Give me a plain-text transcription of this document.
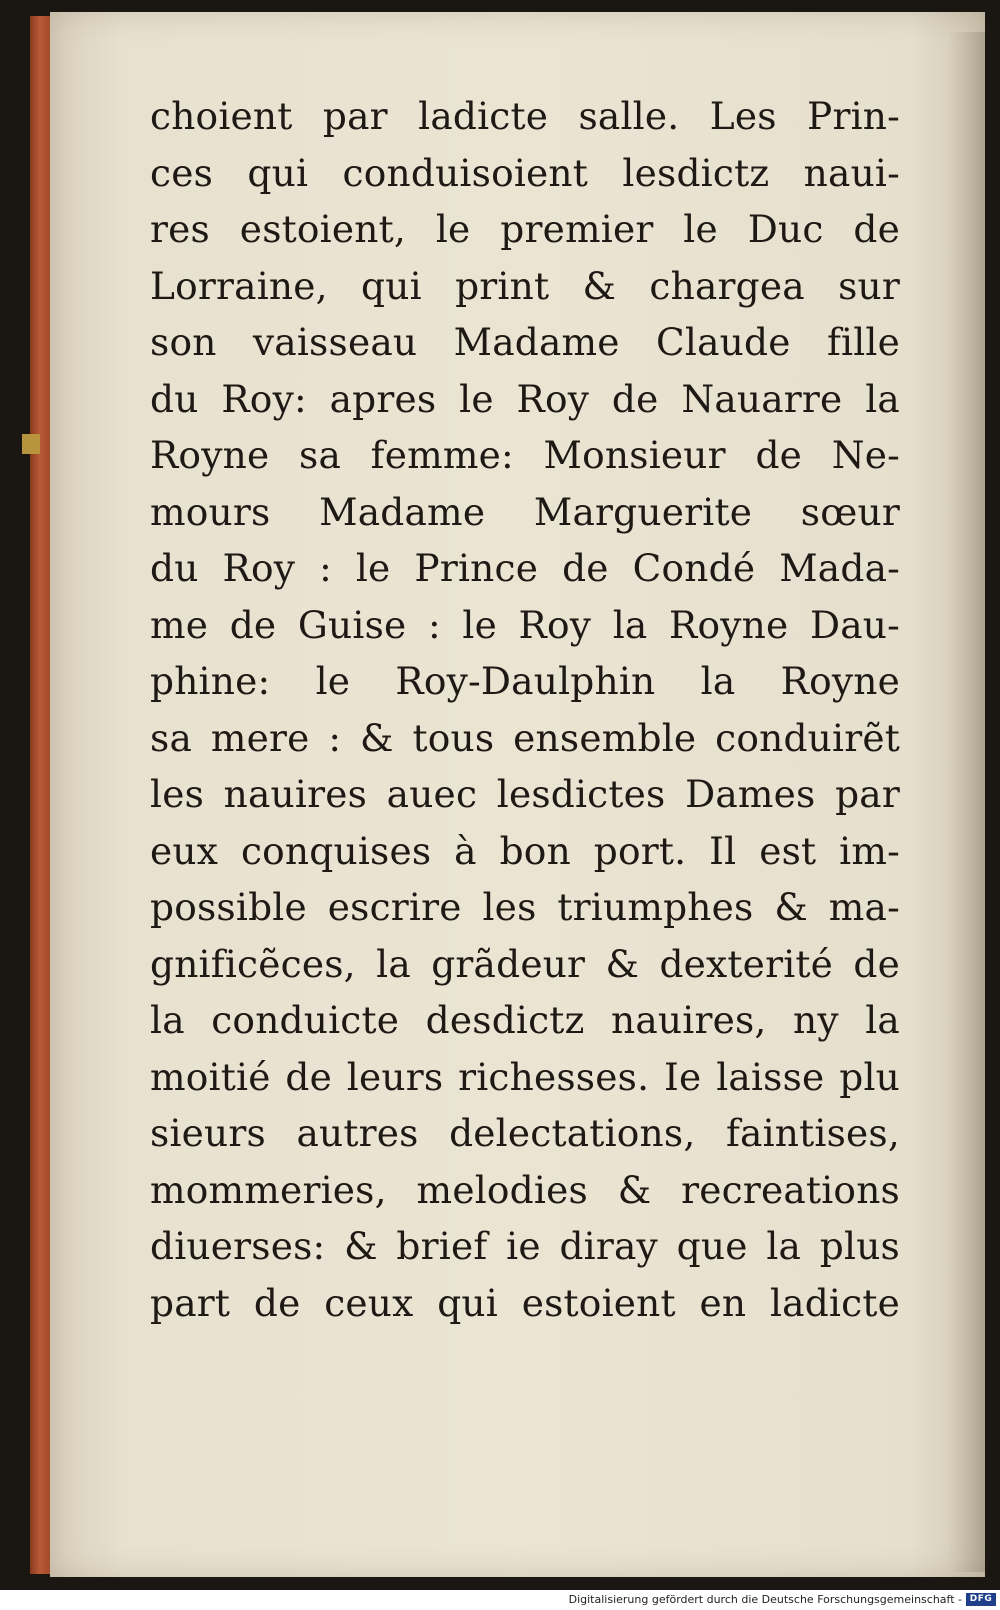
choient par ladicte salle. Les Prin-
ces qui conduisoient lesdictz naui-
res estoient, le premier le Duc de
Lorraine, qui print & chargea sur
son vaisseau Madame Claude fille
du Roy: apres le Roy de Nauarre la
Royne sa femme: Monsieur de Ne-
mours Madame Marguerite sœur
du Roy : le Prince de Condé Mada-
me de Guise : le Roy la Royne Dau-
phine: le Roy-Daulphin la Royne
sa mere : & tous ensemble conduirẽt
les nauires auec lesdictes Dames par
eux conquises à bon port. Il est im-
possible escrire les triumphes & ma-
gnificẽces, la grãdeur & dexterité de
la conduicte desdictz nauires, ny la
moitié de leurs richesses. Ie laisse plu
sieurs autres delectations, faintises,
mommeries, melodies & recreations
diuerses: & brief ie diray que la plus
part de ceux qui estoient en ladicte
Digitalisierung gefördert durch die Deutsche Forschungsgemeinschaft - DFG
